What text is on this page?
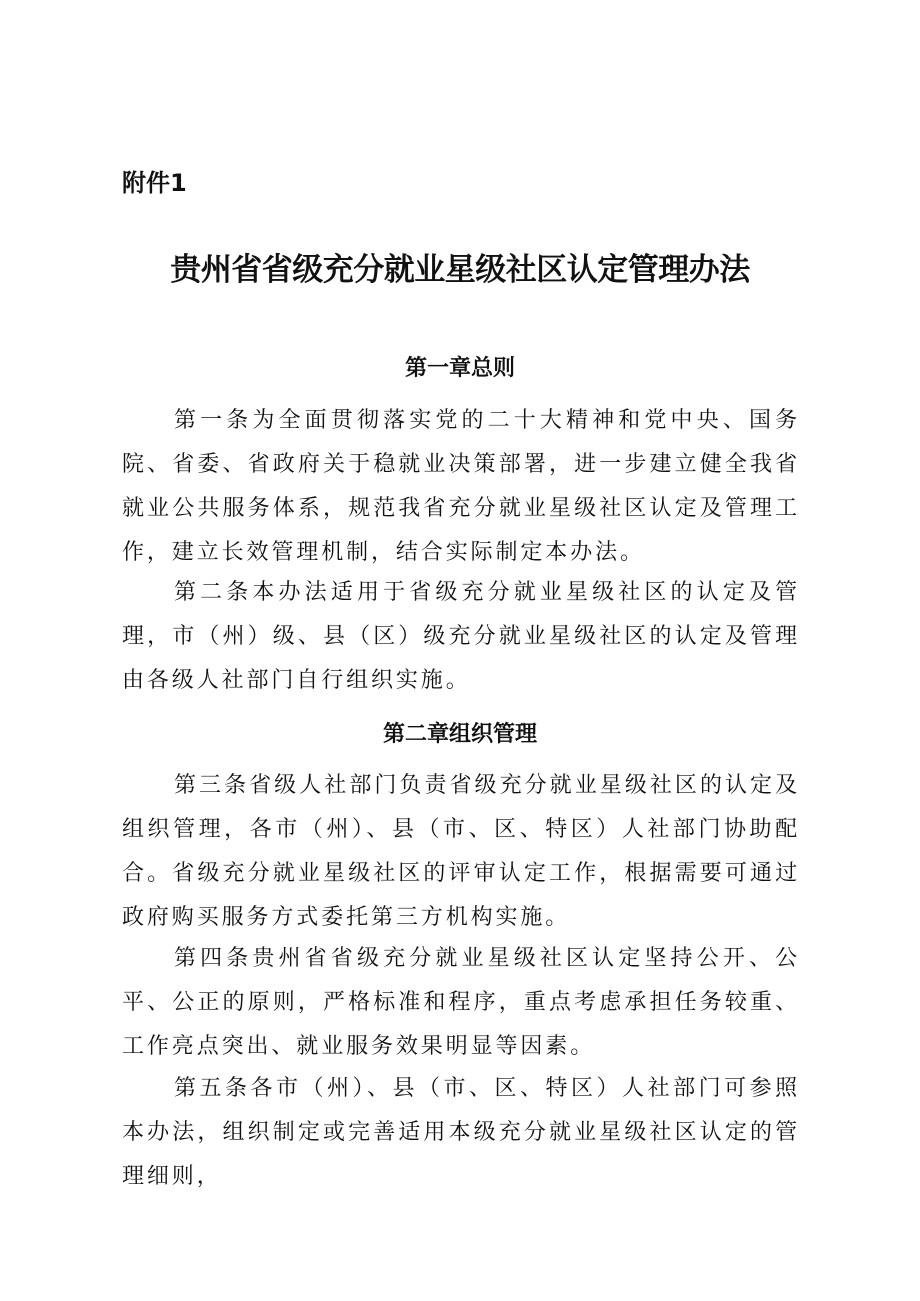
附件1
贵州省省级充分就业星级社区认定管理办法
第一章总则
第一条为全面贯彻落实党的二十大精神和党中央、国务院、省委、省政府关于稳就业决策部署，进一步建立健全我省就业公共服务体系，规范我省充分就业星级社区认定及管理工作，建立长效管理机制，结合实际制定本办法。
第二条本办法适用于省级充分就业星级社区的认定及管理，市（州）级、县（区）级充分就业星级社区的认定及管理由各级人社部门自行组织实施。
第二章组织管理
第三条省级人社部门负责省级充分就业星级社区的认定及组织管理，各市（州）、县（市、区、特区）人社部门协助配合。省级充分就业星级社区的评审认定工作，根据需要可通过政府购买服务方式委托第三方机构实施。
第四条贵州省省级充分就业星级社区认定坚持公开、公平、公正的原则，严格标准和程序，重点考虑承担任务较重、工作亮点突出、就业服务效果明显等因素。
第五条各市（州）、县（市、区、特区）人社部门可参照本办法，组织制定或完善适用本级充分就业星级社区认定的管理细则，
